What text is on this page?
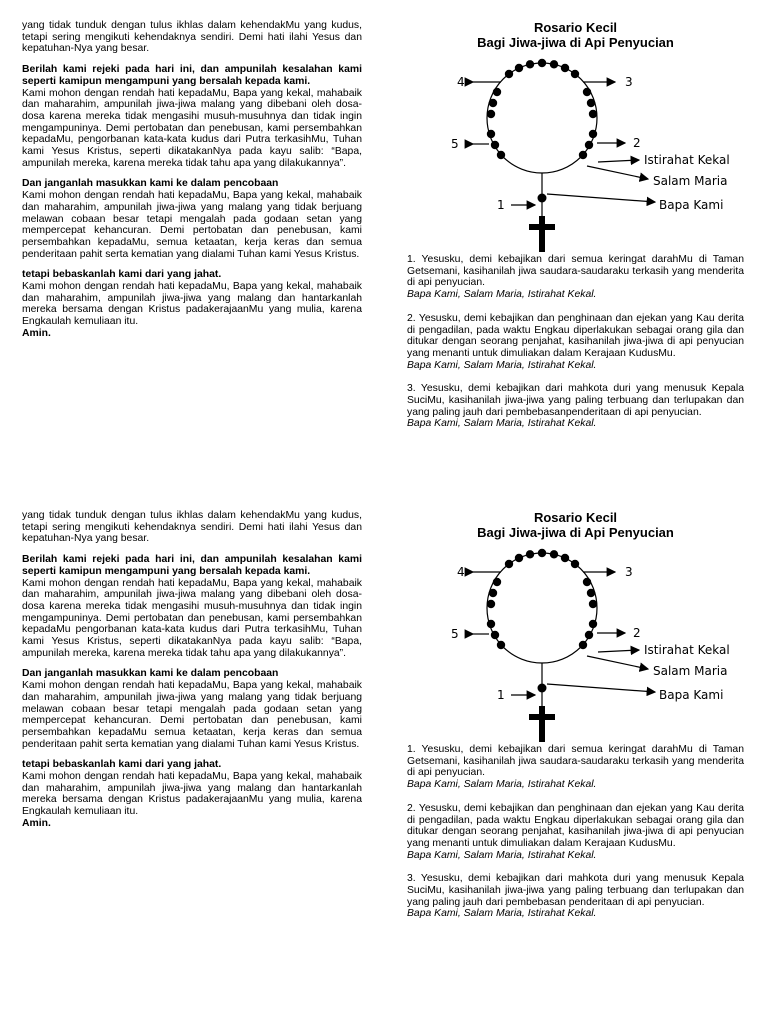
yang tidak tunduk dengan tulus ikhlas dalam kehendakMu yang kudus, tetapi sering mengikuti kehendaknya sendiri. Demi hati ilahi Yesus dan kepatuhan-Nya yang besar.

Berilah kami rejeki pada hari ini, dan ampunilah kesalahan kami seperti kamipun mengampuni yang bersalah kepada kami.
Kami mohon dengan rendah hati kepadaMu, Bapa yang kekal, mahabaik dan maharahim, ampunilah jiwa-jiwa malang yang dibebani oleh dosa-dosa karena mereka tidak mengasihi musuh-musuhnya dan tidak ingin mengampuninya. Demi pertobatan dan penebusan, kami persembahkan kepadaMu, pengorbanan kata-kata kudus dari Putra terkasihMu, Tuhan kami Yesus Kristus, seperti dikatakanNya pada kayu salib: “Bapa, ampunilah mereka, karena mereka tidak tahu apa yang dilakukannya”.

Dan janganlah masukkan kami ke dalam pencobaan
Kami mohon dengan rendah hati kepadaMu, Bapa yang kekal, mahabaik dan maharahim, ampunilah jiwa-jiwa yang malang yang tidak berjuang melawan cobaan besar tetapi mengalah pada godaan setan yang mempercepat kehancuran. Demi pertobatan dan penebusan, kami persembahkan kepadaMu, semua ketaatan, kerja keras dan semua penderitaan pahit serta kematian yang dialami Tuhan kami Yesus Kristus.

tetapi bebaskanlah kami dari yang jahat.
Kami mohon dengan rendah hati kepadaMu, Bapa yang kekal, mahabaik dan maharahim, ampunilah jiwa-jiwa yang malang dan hantarkanlah mereka bersama dengan Kristus padakerajaanMu yang mulia, karena Engkaulah kemuliaan itu.
Amin.

Rosario Kecil
Bagi Jiwa-jiwa di Api Penyucian
4	3
5	2
1
Istirahat Kekal
Salam Maria
Bapa Kami
1. Yesusku, demi kebajikan dari semua keringat darahMu di Taman Getsemani, kasihanilah jiwa saudara-saudaraku terkasih yang menderita di api penyucian.
Bapa Kami, Salam Maria, Istirahat Kekal.
2. Yesusku, demi kebajikan dan penghinaan dan ejekan yang Kau derita di pengadilan, pada waktu Engkau diperlakukan sebagai orang gila dan ditukar dengan seorang penjahat, kasihanilah jiwa-jiwa di api penyucian yang menanti untuk dimuliakan dalam Kerajaan KudusMu.
Bapa Kami, Salam Maria, Istirahat Kekal.
3. Yesusku, demi kebajikan dari mahkota duri yang menusuk Kepala SuciMu, kasihanilah jiwa-jiwa yang paling terbuang dan terlupakan dan yang paling jauh dari pembebasanpenderitaan di api penyucian.
Bapa Kami, Salam Maria, Istirahat Kekal.

yang tidak tunduk dengan tulus ikhlas dalam kehendakMu yang kudus, tetapi sering mengikuti kehendaknya sendiri. Demi hati ilahi Yesus dan kepatuhan-Nya yang besar.

Berilah kami rejeki pada hari ini, dan ampunilah kesalahan kami seperti kamipun mengampuni yang bersalah kepada kami.
Kami mohon dengan rendah hati kepadaMu, Bapa yang kekal, mahabaik dan maharahim, ampunilah jiwa-jiwa malang yang dibebani oleh dosa-dosa karena mereka tidak mengasihi musuh-musuhnya dan tidak ingin mengampuninya. Demi pertobatan dan penebusan, kami persembahkan kepadaMu pengorbanan kata-kata kudus dari Putra terkasihMu, Tuhan kami Yesus Kristus, seperti dikatakanNya pada kayu salib: “Bapa, ampunilah mereka, karena mereka tidak tahu apa yang dilakukannya”.

Dan janganlah masukkan kami ke dalam pencobaan
Kami mohon dengan rendah hati kepadaMu, Bapa yang kekal, mahabaik dan maharahim, ampunilah jiwa-jiwa yang malang yang tidak berjuang melawan cobaan besar tetapi mengalah pada godaan setan yang mempercepat kehancuran. Demi pertobatan dan penebusan, kami persembahkan kepadaMu semua ketaatan, kerja keras dan semua penderitaan pahit serta kematian yang dialami Tuhan kami Yesus Kristus.

tetapi bebaskanlah kami dari yang jahat.
Kami mohon dengan rendah hati kepadaMu, Bapa yang kekal, mahabaik dan maharahim, ampunilah jiwa-jiwa yang malang dan hantarkanlah mereka bersama dengan Kristus padakerajaanMu yang mulia, karena Engkaulah kemuliaan itu.
Amin.

Rosario Kecil
Bagi Jiwa-jiwa di Api Penyucian
4	3
5	2
1
Istirahat Kekal
Salam Maria
Bapa Kami
1. Yesusku, demi kebajikan dari semua keringat darahMu di Taman Getsemani, kasihanilah jiwa saudara-saudaraku terkasih yang menderita di api penyucian.
Bapa Kami, Salam Maria, Istirahat Kekal.
2. Yesusku, demi kebajikan dan penghinaan dan ejekan yang Kau derita di pengadilan, pada waktu Engkau diperlakukan sebagai orang gila dan ditukar dengan seorang penjahat, kasihanilah jiwa-jiwa di api penyucian yang menanti untuk dimuliakan dalam Kerajaan KudusMu.
Bapa Kami, Salam Maria, Istirahat Kekal.
3. Yesusku, demi kebajikan dari mahkota duri yang menusuk Kepala SuciMu, kasihanilah jiwa-jiwa yang paling terbuang dan terlupakan dan yang paling jauh dari pembebasan penderitaan di api penyucian.
Bapa Kami, Salam Maria, Istirahat Kekal.
